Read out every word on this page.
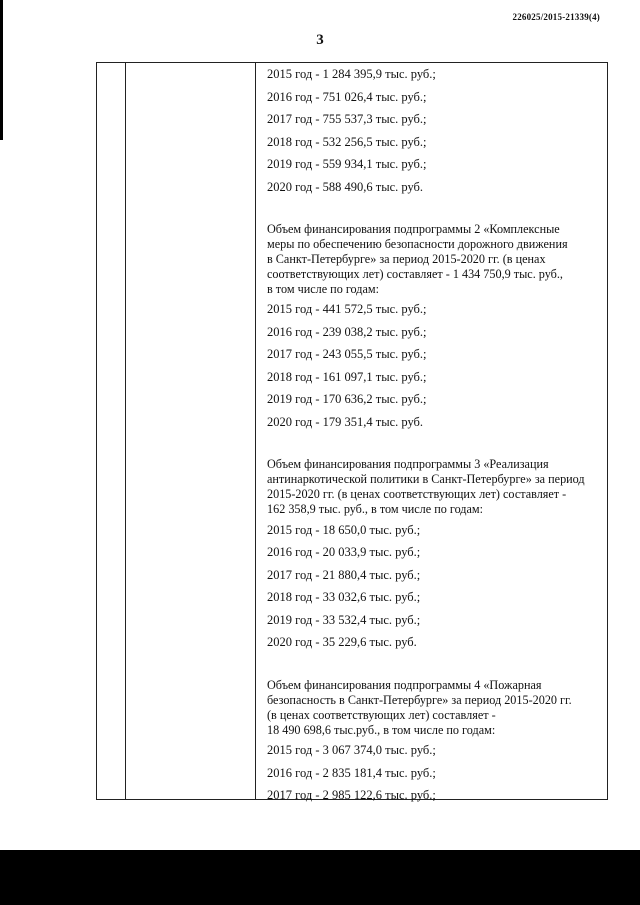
226025/2015-21339(4)
3
2015 год - 1 284 395,9 тыс. руб.;
2016 год - 751 026,4 тыс. руб.;
2017 год - 755 537,3 тыс. руб.;
2018 год - 532 256,5 тыс. руб.;
2019 год - 559 934,1 тыс. руб.;
2020 год - 588 490,6 тыс. руб.
Объем финансирования подпрограммы 2 «Комплексные
меры по обеспечению безопасности дорожного движения
в Санкт-Петербурге» за период 2015-2020 гг. (в ценах
соответствующих лет) составляет - 1 434 750,9 тыс. руб.,
в том числе по годам:
2015 год - 441 572,5 тыс. руб.;
2016 год - 239 038,2 тыс. руб.;
2017 год - 243 055,5 тыс. руб.;
2018 год - 161 097,1 тыс. руб.;
2019 год - 170 636,2 тыс. руб.;
2020 год - 179 351,4 тыс. руб.
Объем финансирования подпрограммы 3 «Реализация
антинаркотической политики в Санкт-Петербурге» за период
2015-2020 гг. (в ценах соответствующих лет) составляет -
162 358,9 тыс. руб., в том числе по годам:
2015 год - 18 650,0 тыс. руб.;
2016 год - 20 033,9 тыс. руб.;
2017 год - 21 880,4 тыс. руб.;
2018 год - 33 032,6 тыс. руб.;
2019 год - 33 532,4 тыс. руб.;
2020 год - 35 229,6 тыс. руб.
Объем финансирования подпрограммы 4 «Пожарная
безопасность в Санкт-Петербурге» за период 2015-2020 гг.
(в ценах соответствующих лет) составляет -
18 490 698,6 тыс.руб., в том числе по годам:
2015 год - 3 067 374,0 тыс. руб.;
2016 год - 2 835 181,4 тыс. руб.;
2017 год - 2 985 122,6 тыс. руб.;
